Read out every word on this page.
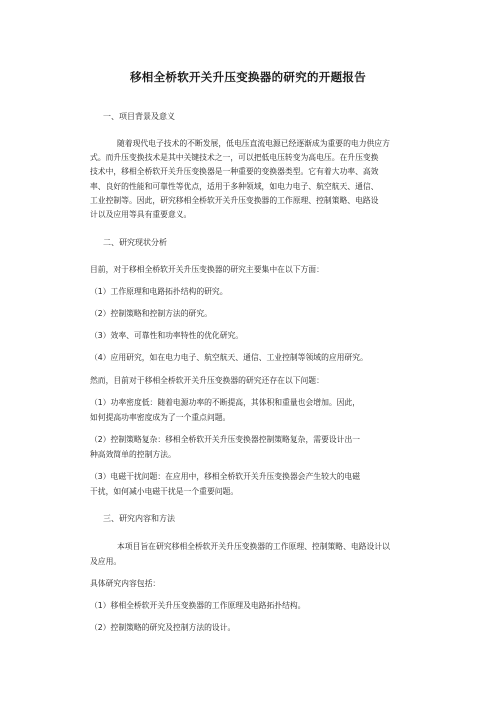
移相全桥软开关升压变换器的研究的开题报告
一、项目背景及意义
随着现代电子技术的不断发展，低电压直流电源已经逐渐成为重要的电力供应方
式。而升压变换技术是其中关键技术之一，可以把低电压转变为高电压。在升压变换
技术中，移相全桥软开关升压变换器是一种重要的变换器类型。它有着大功率、高效
率、良好的性能和可靠性等优点，适用于多种领域，如电力电子、航空航天、通信、
工业控制等。因此，研究移相全桥软开关升压变换器的工作原理、控制策略、电路设
计以及应用等具有重要意义。
二、研究现状分析
目前，对于移相全桥软开关升压变换器的研究主要集中在以下方面：
（1）工作原理和电路拓扑结构的研究。
（2）控制策略和控制方法的研究。
（3）效率、可靠性和功率特性的优化研究。
（4）应用研究，如在电力电子、航空航天、通信、工业控制等领域的应用研究。
然而，目前对于移相全桥软开关升压变换器的研究还存在以下问题：
（1）功率密度低：随着电源功率的不断提高，其体积和重量也会增加。因此，
如何提高功率密度成为了一个重点问题。
（2）控制策略复杂：移相全桥软开关升压变换器控制策略复杂，需要设计出一
种高效简单的控制方法。
（3）电磁干扰问题：在应用中，移相全桥软开关升压变换器会产生较大的电磁
干扰，如何减小电磁干扰是一个重要问题。
三、研究内容和方法
本项目旨在研究移相全桥软开关升压变换器的工作原理、控制策略、电路设计以
及应用。
具体研究内容包括：
（1）移相全桥软开关升压变换器的工作原理及电路拓扑结构。
（2）控制策略的研究及控制方法的设计。
